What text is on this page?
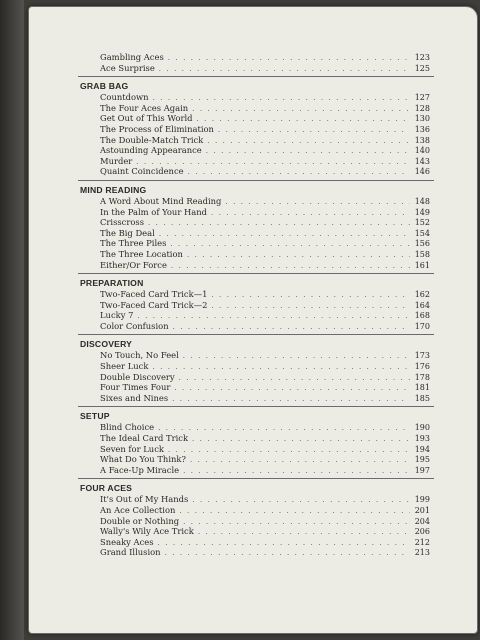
Gambling Aces . . .	123
Ace Surprise . . .	125
GRAB BAG
Countdown . . .	127
The Four Aces Again . . .	128
Get Out of This World . . .	130
The Process of Elimination . . .	136
The Double-Match Trick . . .	138
Astounding Appearance . . .	140
Murder . . .	143
Quaint Coincidence . . .	146
MIND READING
A Word About Mind Reading . . .	148
In the Palm of Your Hand . . .	149
Crisscross . . .	152
The Big Deal . . .	154
The Three Piles . . .	156
The Three Location . . .	158
Either/Or Force . . .	161
PREPARATION
Two-Faced Card Trick—1 . . .	162
Two-Faced Card Trick—2 . . .	164
Lucky 7 . . .	168
Color Confusion . . .	170
DISCOVERY
No Touch, No Feel . . .	173
Sheer Luck . . .	176
Double Discovery . . .	178
Four Times Four . . .	181
Sixes and Nines . . .	185
SETUP
Blind Choice . . .	190
The Ideal Card Trick . . .	193
Seven for Luck . . .	194
What Do You Think? . . .	195
A Face-Up Miracle . . .	197
FOUR ACES
It's Out of My Hands . . .	199
An Ace Collection . . .	201
Double or Nothing . . .	204
Wally's Wily Ace Trick . . .	206
Sneaky Aces . . .	212
Grand Illusion . . .	213
